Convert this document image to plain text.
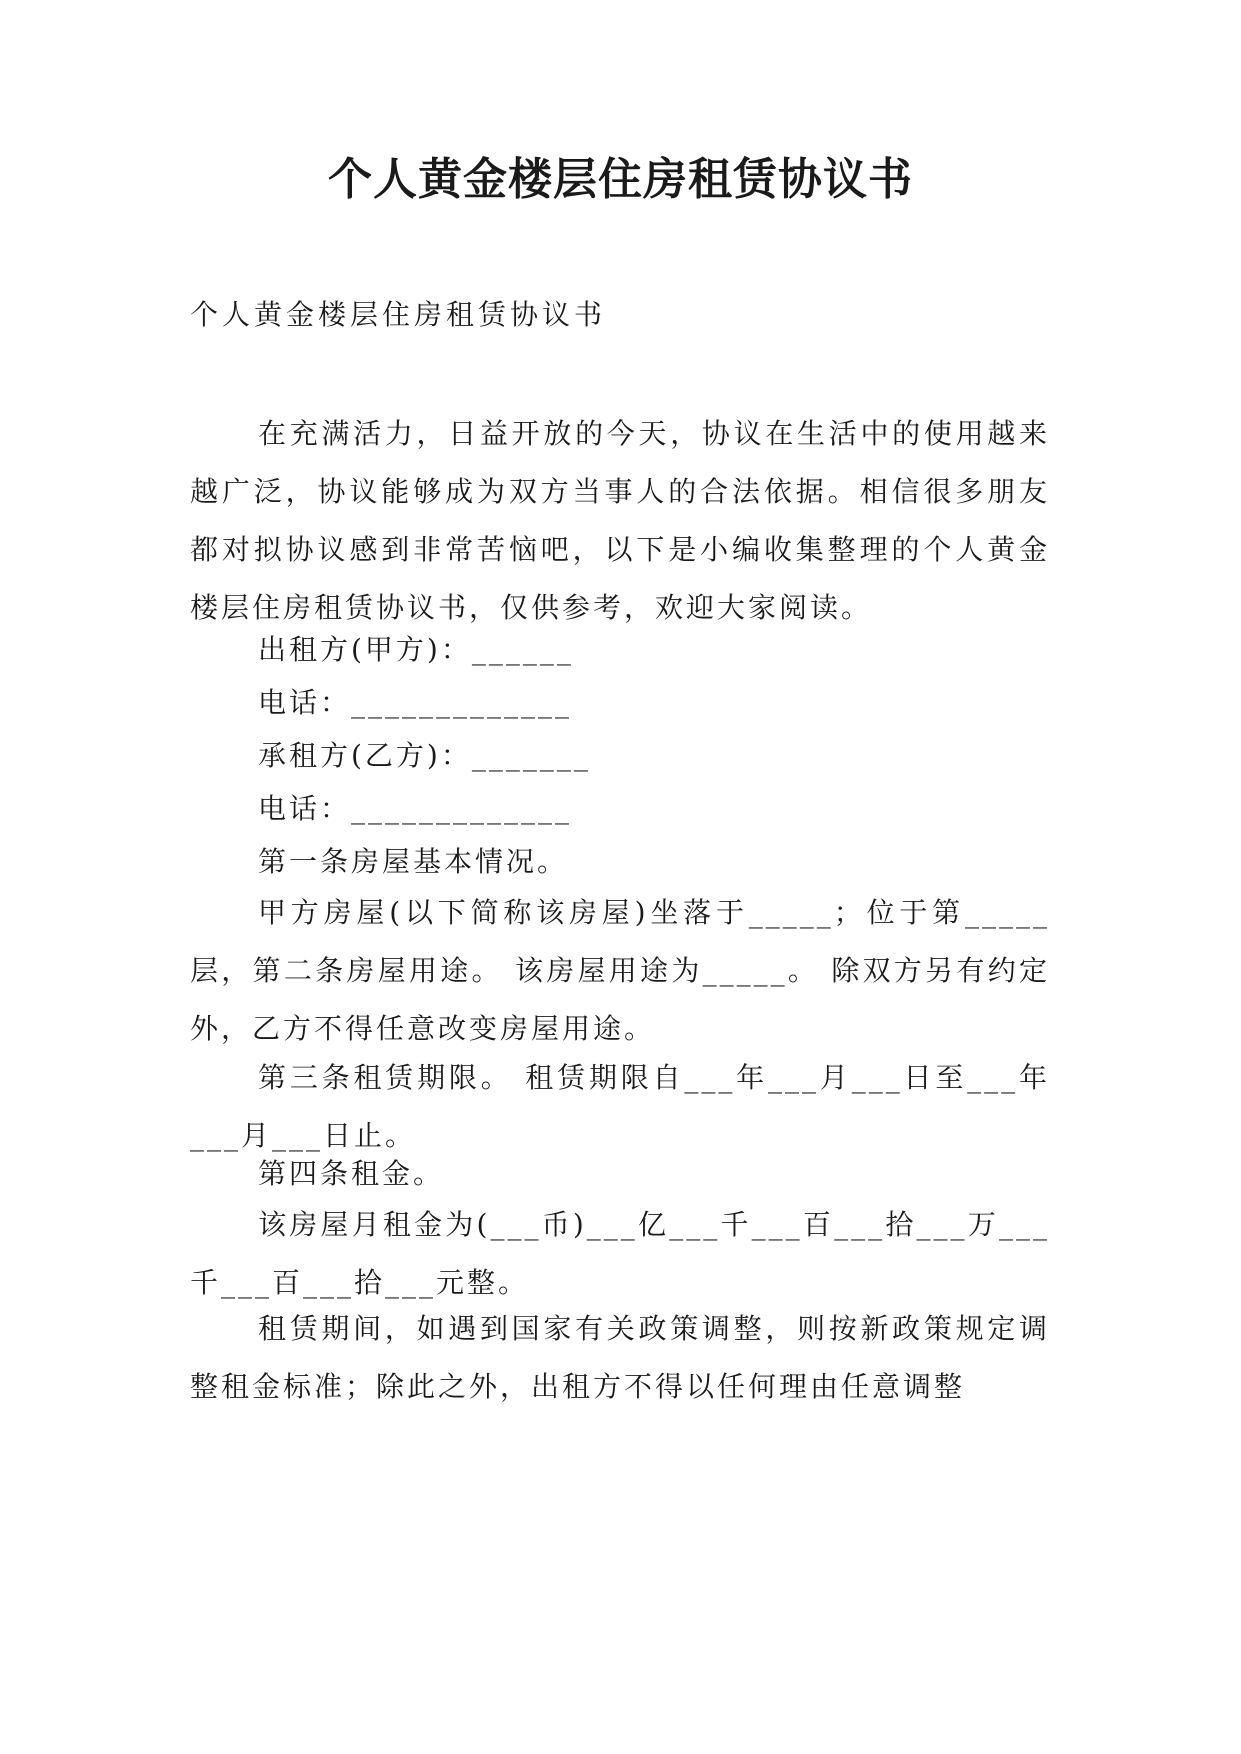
个人黄金楼层住房租赁协议书
个人黄金楼层住房租赁协议书

在充满活力，日益开放的今天，协议在生活中的使用越来越广泛，协议能够成为双方当事人的合法依据。相信很多朋友都对拟协议感到非常苦恼吧，以下是小编收集整理的个人黄金楼层住房租赁协议书，仅供参考，欢迎大家阅读。

出租方(甲方)：______

电话：_____________

承租方(乙方)：_______

电话：_____________

第一条房屋基本情况。

甲方房屋(以下简称该房屋)坐落于_____；位于第_____层，第二条房屋用途。 该房屋用途为_____。 除双方另有约定外，乙方不得任意改变房屋用途。

第三条租赁期限。 租赁期限自___年___月___日至___年___月___日止。

第四条租金。

该房屋月租金为(___币)___亿___千___百___拾___万___千___百___拾___元整。

租赁期间，如遇到国家有关政策调整，则按新政策规定调整租金标准；除此之外，出租方不得以任何理由任意调整
